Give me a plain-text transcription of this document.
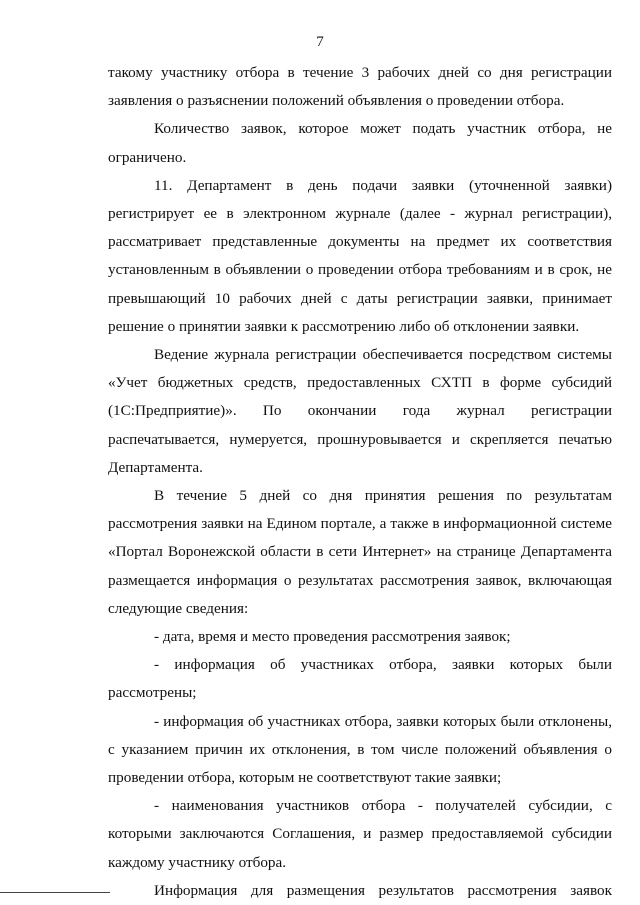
7

такому участнику отбора в течение 3 рабочих дней со дня регистрации заявления о разъяснении положений объявления о проведении отбора.

Количество заявок, которое может подать участник отбора, не ограничено.

11. Департамент в день подачи заявки (уточненной заявки) регистрирует ее в электронном журнале (далее - журнал регистрации), рассматривает представленные документы на предмет их соответствия установленным в объявлении о проведении отбора требованиям и в срок, не превышающий 10 рабочих дней с даты регистрации заявки, принимает решение о принятии заявки к рассмотрению либо об отклонении заявки.

Ведение журнала регистрации обеспечивается посредством системы «Учет бюджетных средств, предоставленных СХТП в форме субсидий (1С:Предприятие)». По окончании года журнал регистрации распечатывается, нумеруется, прошнуровывается и скрепляется печатью Департамента.

В течение 5 дней со дня принятия решения по результатам рассмотрения заявки на Едином портале, а также в информационной системе «Портал Воронежской области в сети Интернет» на странице Департамента размещается информация о результатах рассмотрения заявок, включающая следующие сведения:

- дата, время и место проведения рассмотрения заявок;

- информация об участниках отбора, заявки которых были рассмотрены;

- информация об участниках отбора, заявки которых были отклонены, с указанием причин их отклонения, в том числе положений объявления о проведении отбора, которым не соответствуют такие заявки;

- наименования участников отбора - получателей субсидии, с которыми заключаются Соглашения, и размер предоставляемой субсидии каждому участнику отбора.

Информация для размещения результатов рассмотрения заявок
